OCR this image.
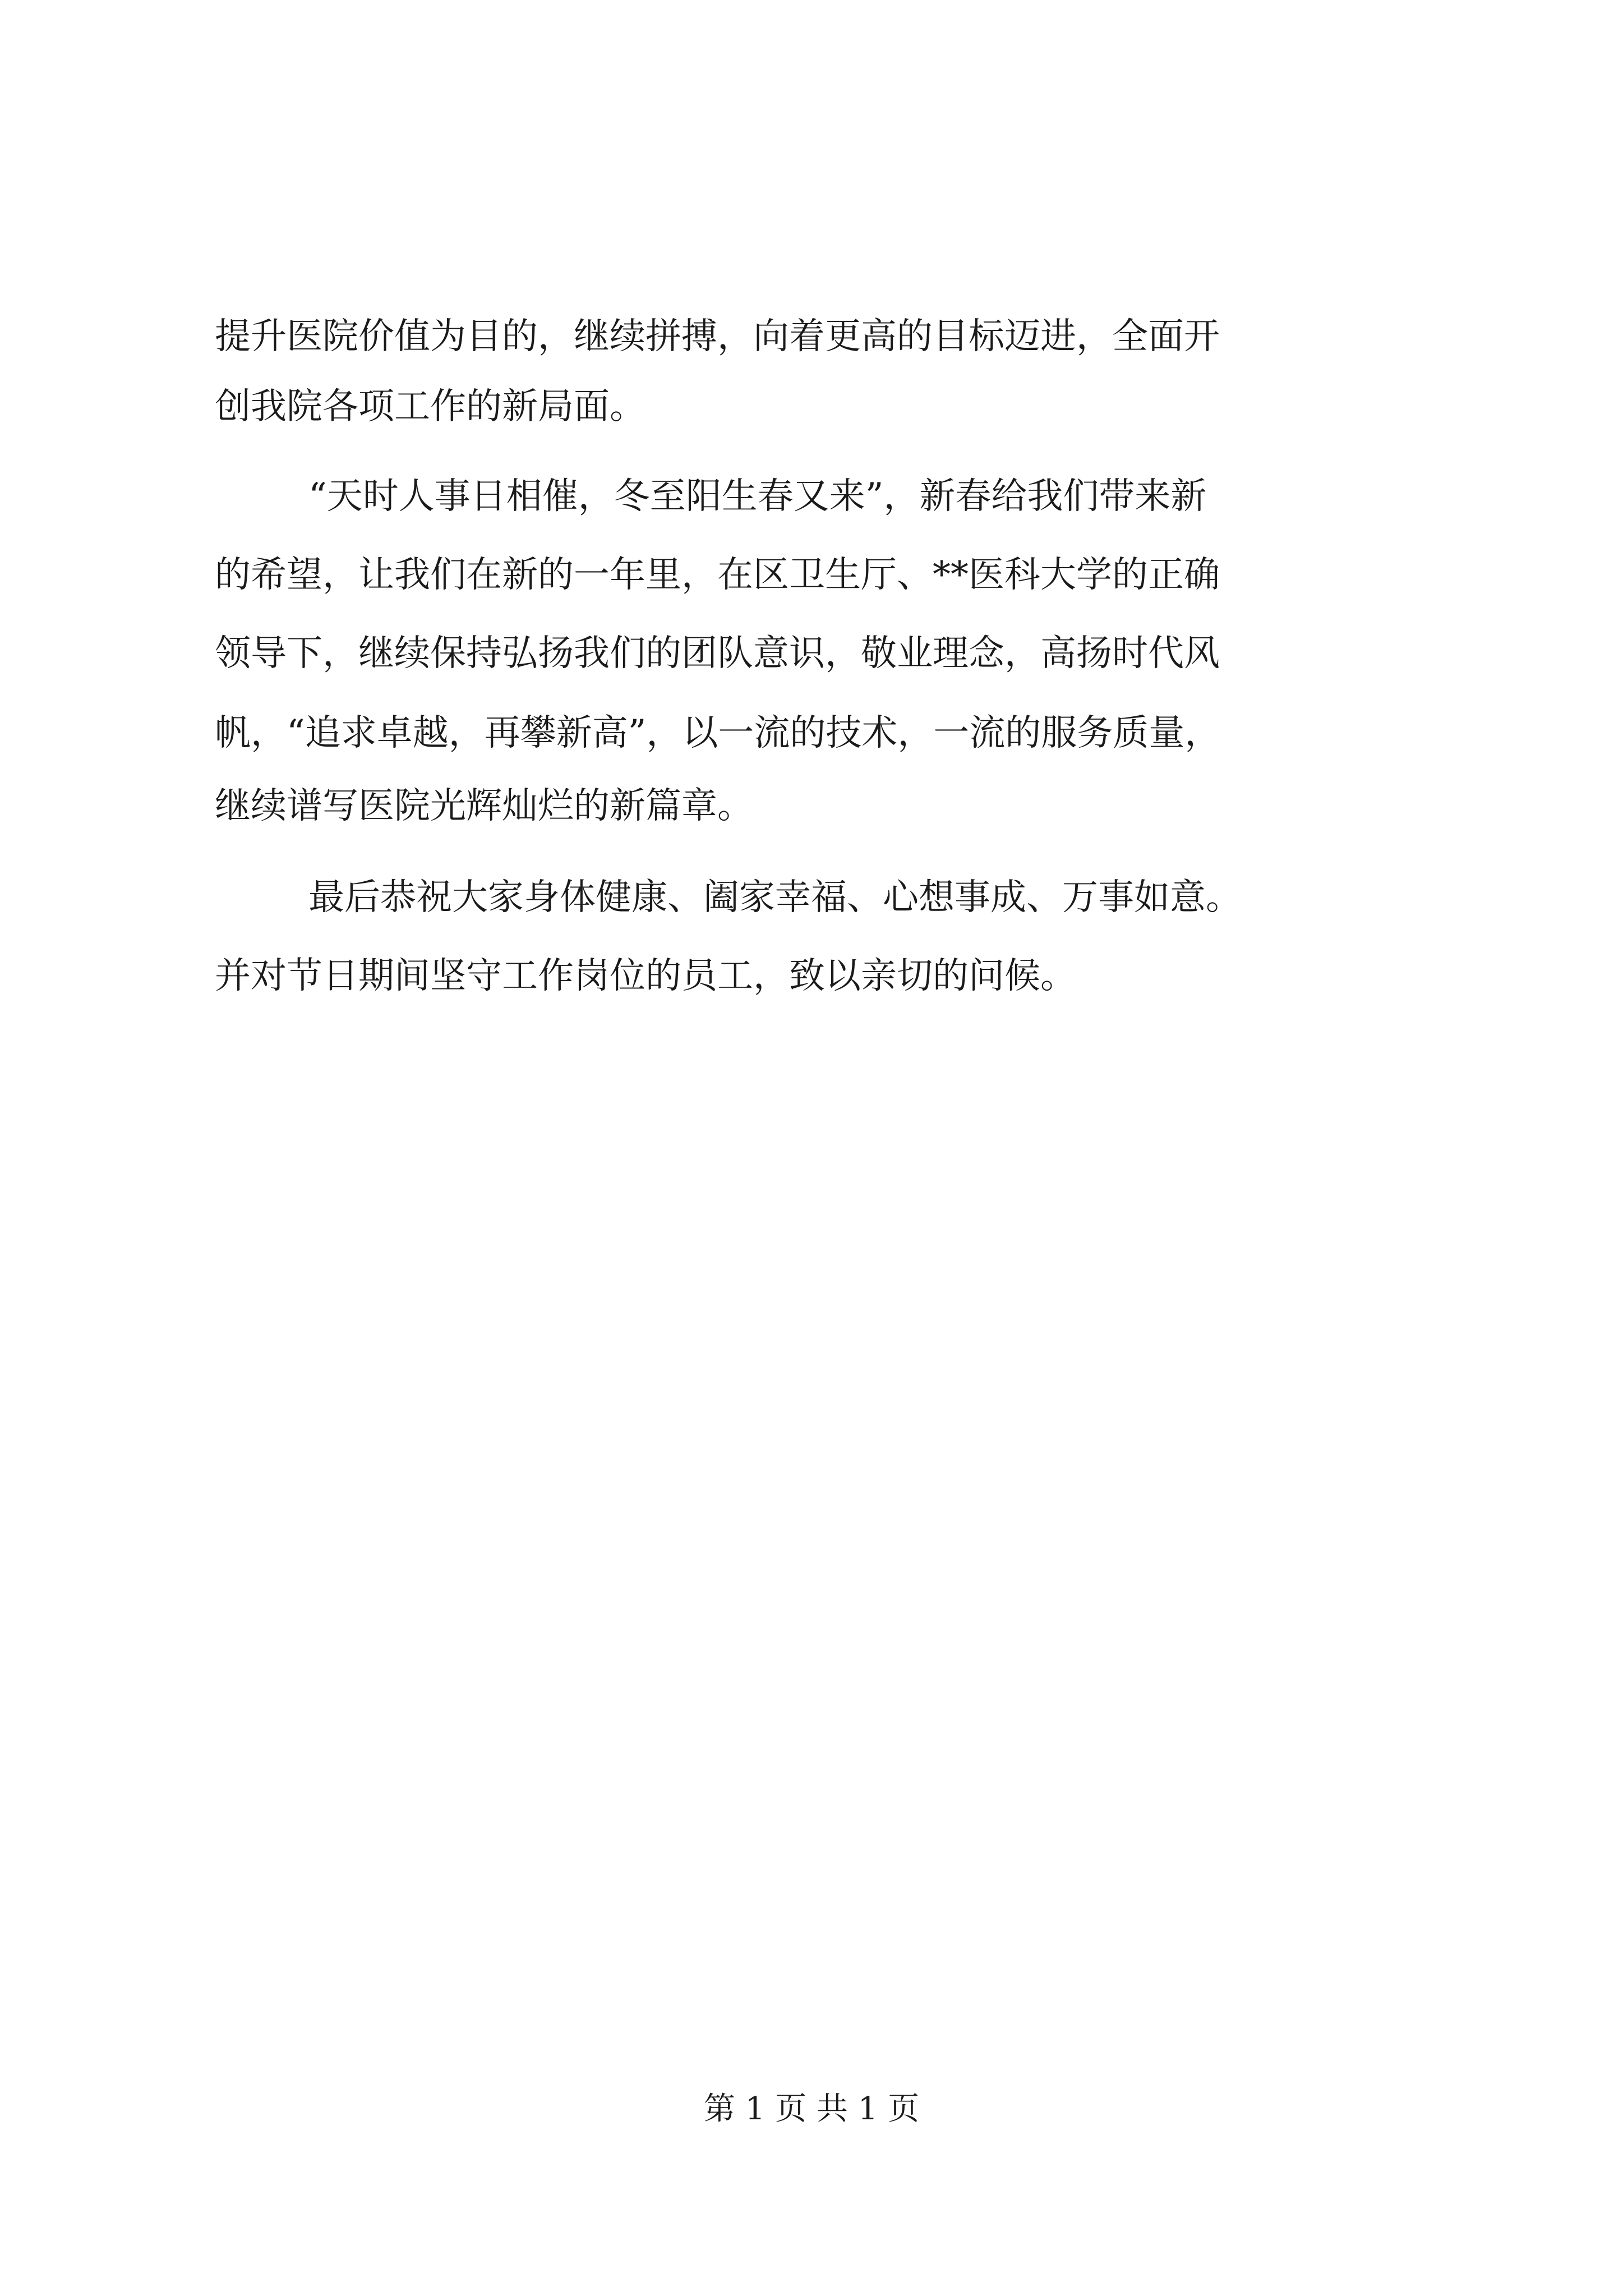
提升医院价值为目的，继续拼搏，向着更高的目标迈进，全面开
创我院各项工作的新局面。
“天时人事日相催，冬至阳生春又来”，新春给我们带来新
的希望，让我们在新的一年里，在区卫生厅、**医科大学的正确
领导下，继续保持弘扬我们的团队意识，敬业理念，高扬时代风
帆，“追求卓越，再攀新高”，以一流的技术，一流的服务质量，
继续谱写医院光辉灿烂的新篇章。
最后恭祝大家身体健康、阖家幸福、心想事成、万事如意。
并对节日期间坚守工作岗位的员工，致以亲切的问候。
第 1 页 共 1 页
